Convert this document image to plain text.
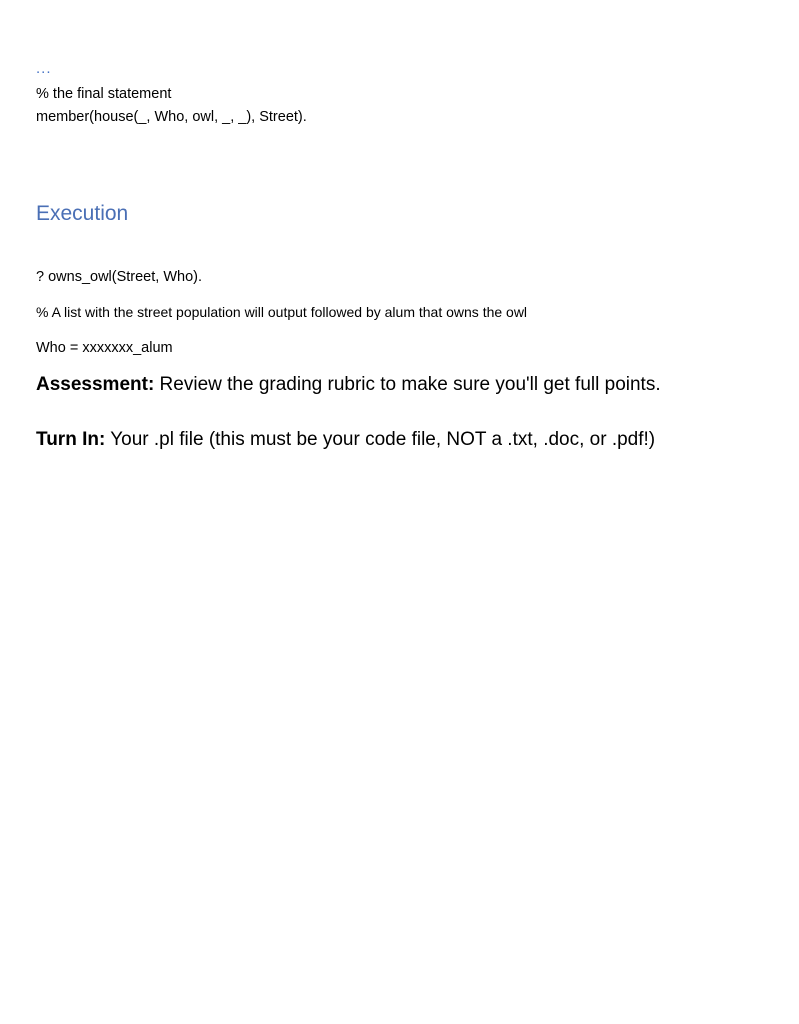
...
% the final statement
member(house(_, Who, owl, _, _), Street).
Execution
? owns_owl(Street, Who).
% A list with the street population will output followed by alum that owns the owl
Who = xxxxxxx_alum
Assessment: Review the grading rubric to make sure you'll get full points.
Turn In: Your .pl file (this must be your code file, NOT a .txt, .doc, or .pdf!)
